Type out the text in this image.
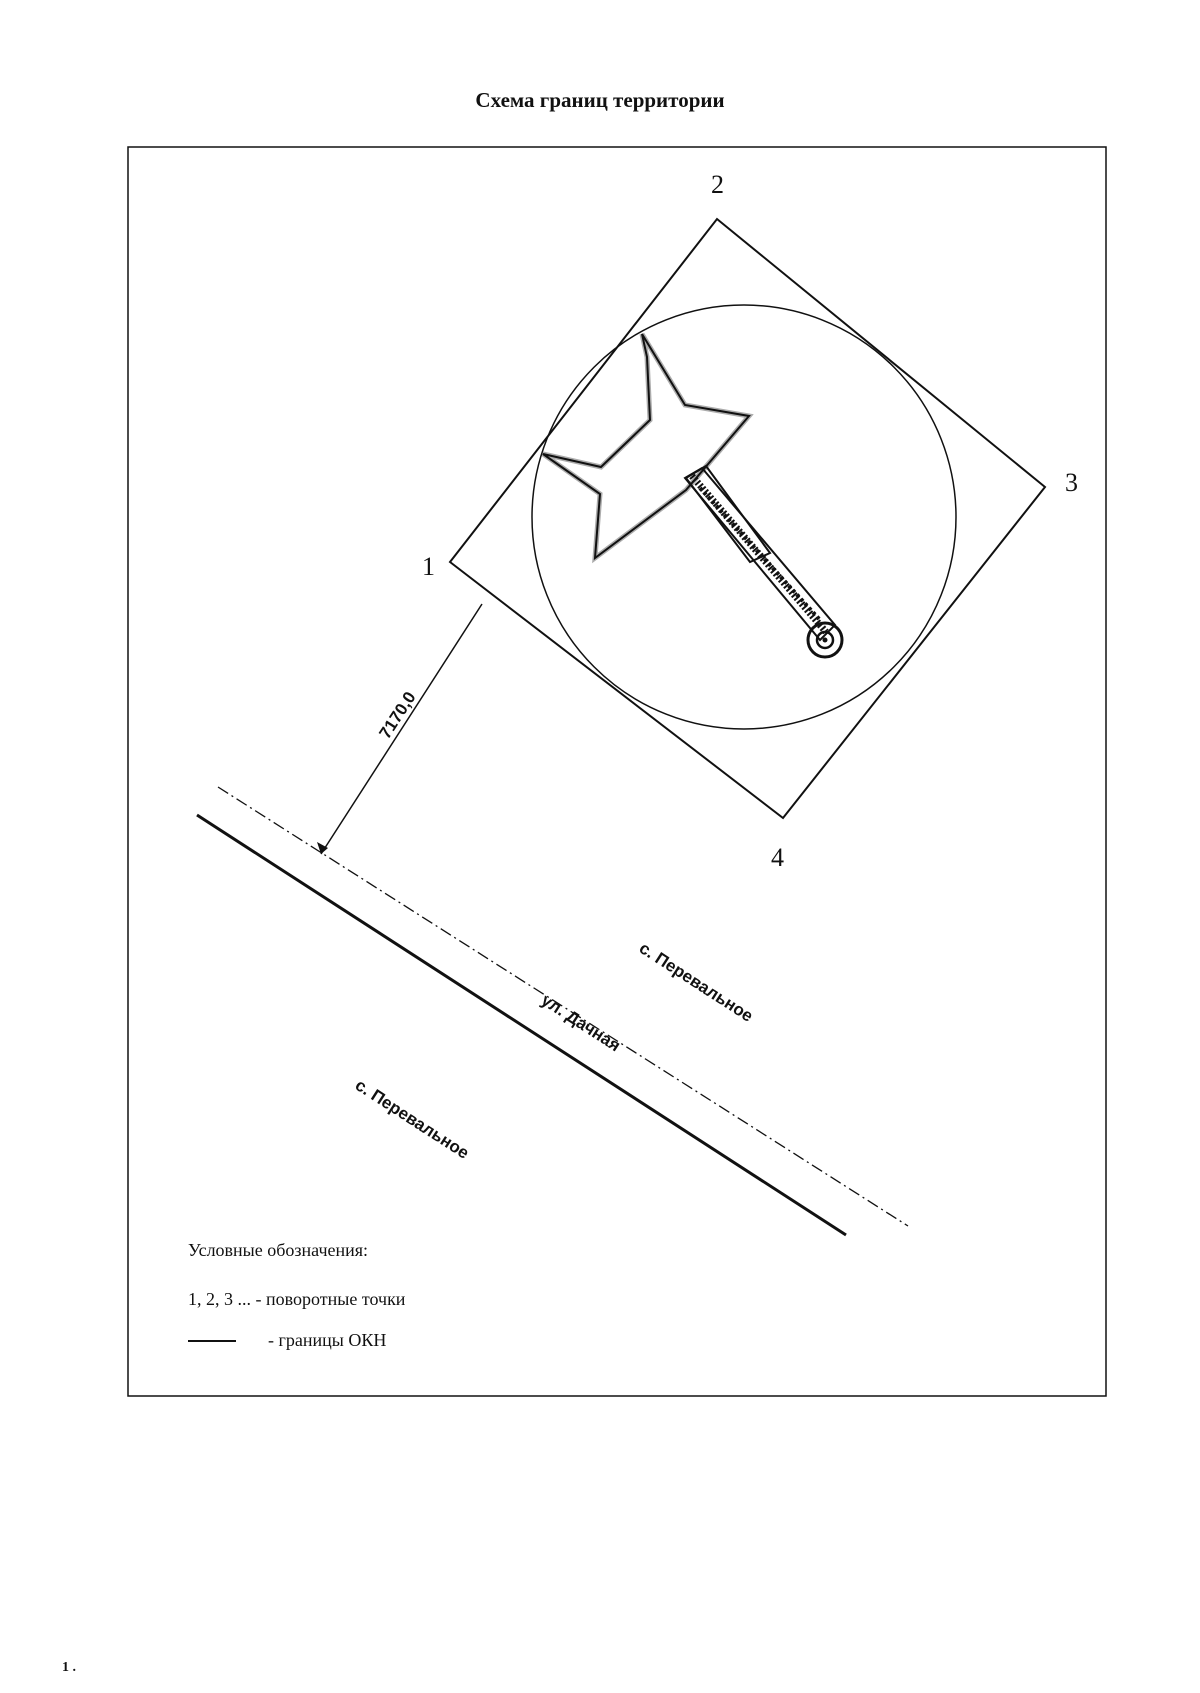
Схема границ территории
1
2
3
4
7170,0
ул. Дачная с. Перевальное
с. Перевальное
Условные обозначения:
1, 2, 3 ... - поворотные точки
- границы ОКН
1 .
